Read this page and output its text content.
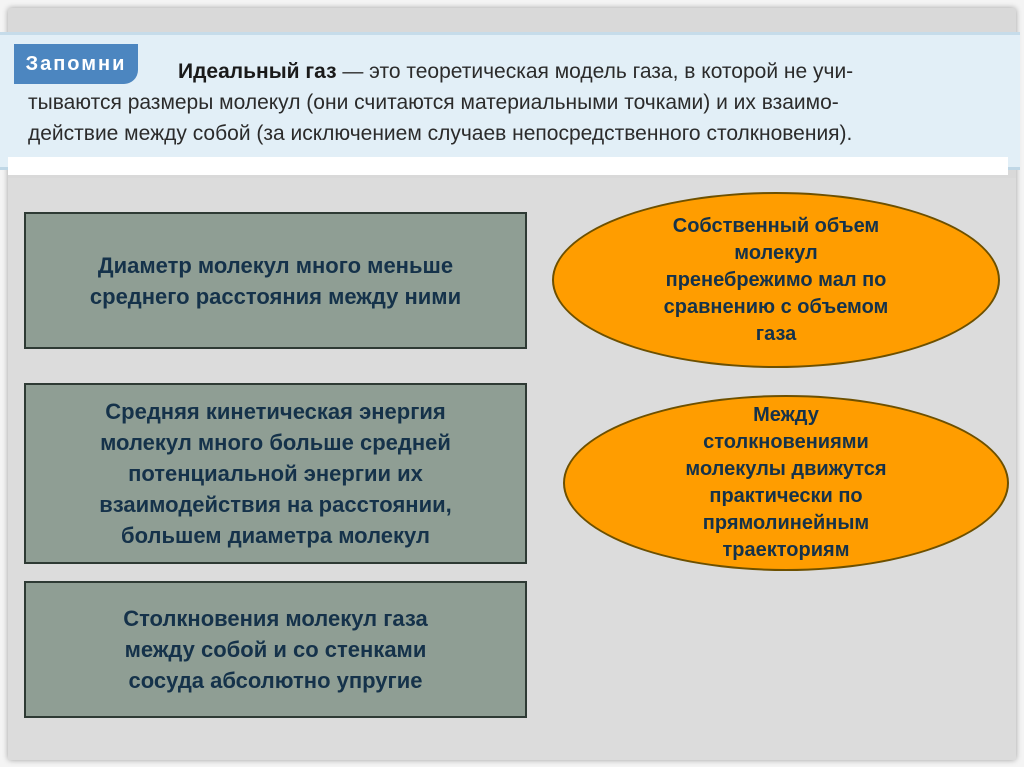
Идеальный газ — это теоретическая модель газа, в которой не учи-
тываются размеры молекул (они считаются материальными точками) и их взаимо-
действие между собой (за исключением случаев непосредственного столкновения).
Запомни
Диаметр молекул много меньше
среднего расстояния между ними
Средняя кинетическая энергия
молекул много больше средней
потенциальной энергии их
взаимодействия на расстоянии,
большем диаметра молекул
Столкновения молекул газа
между собой и со стенками
сосуда абсолютно упругие
Собственный объем
молекул
пренебрежимо мал по
сравнению с объемом
газа
Между
столкновениями
молекулы движутся
практически по
прямолинейным
траекториям
